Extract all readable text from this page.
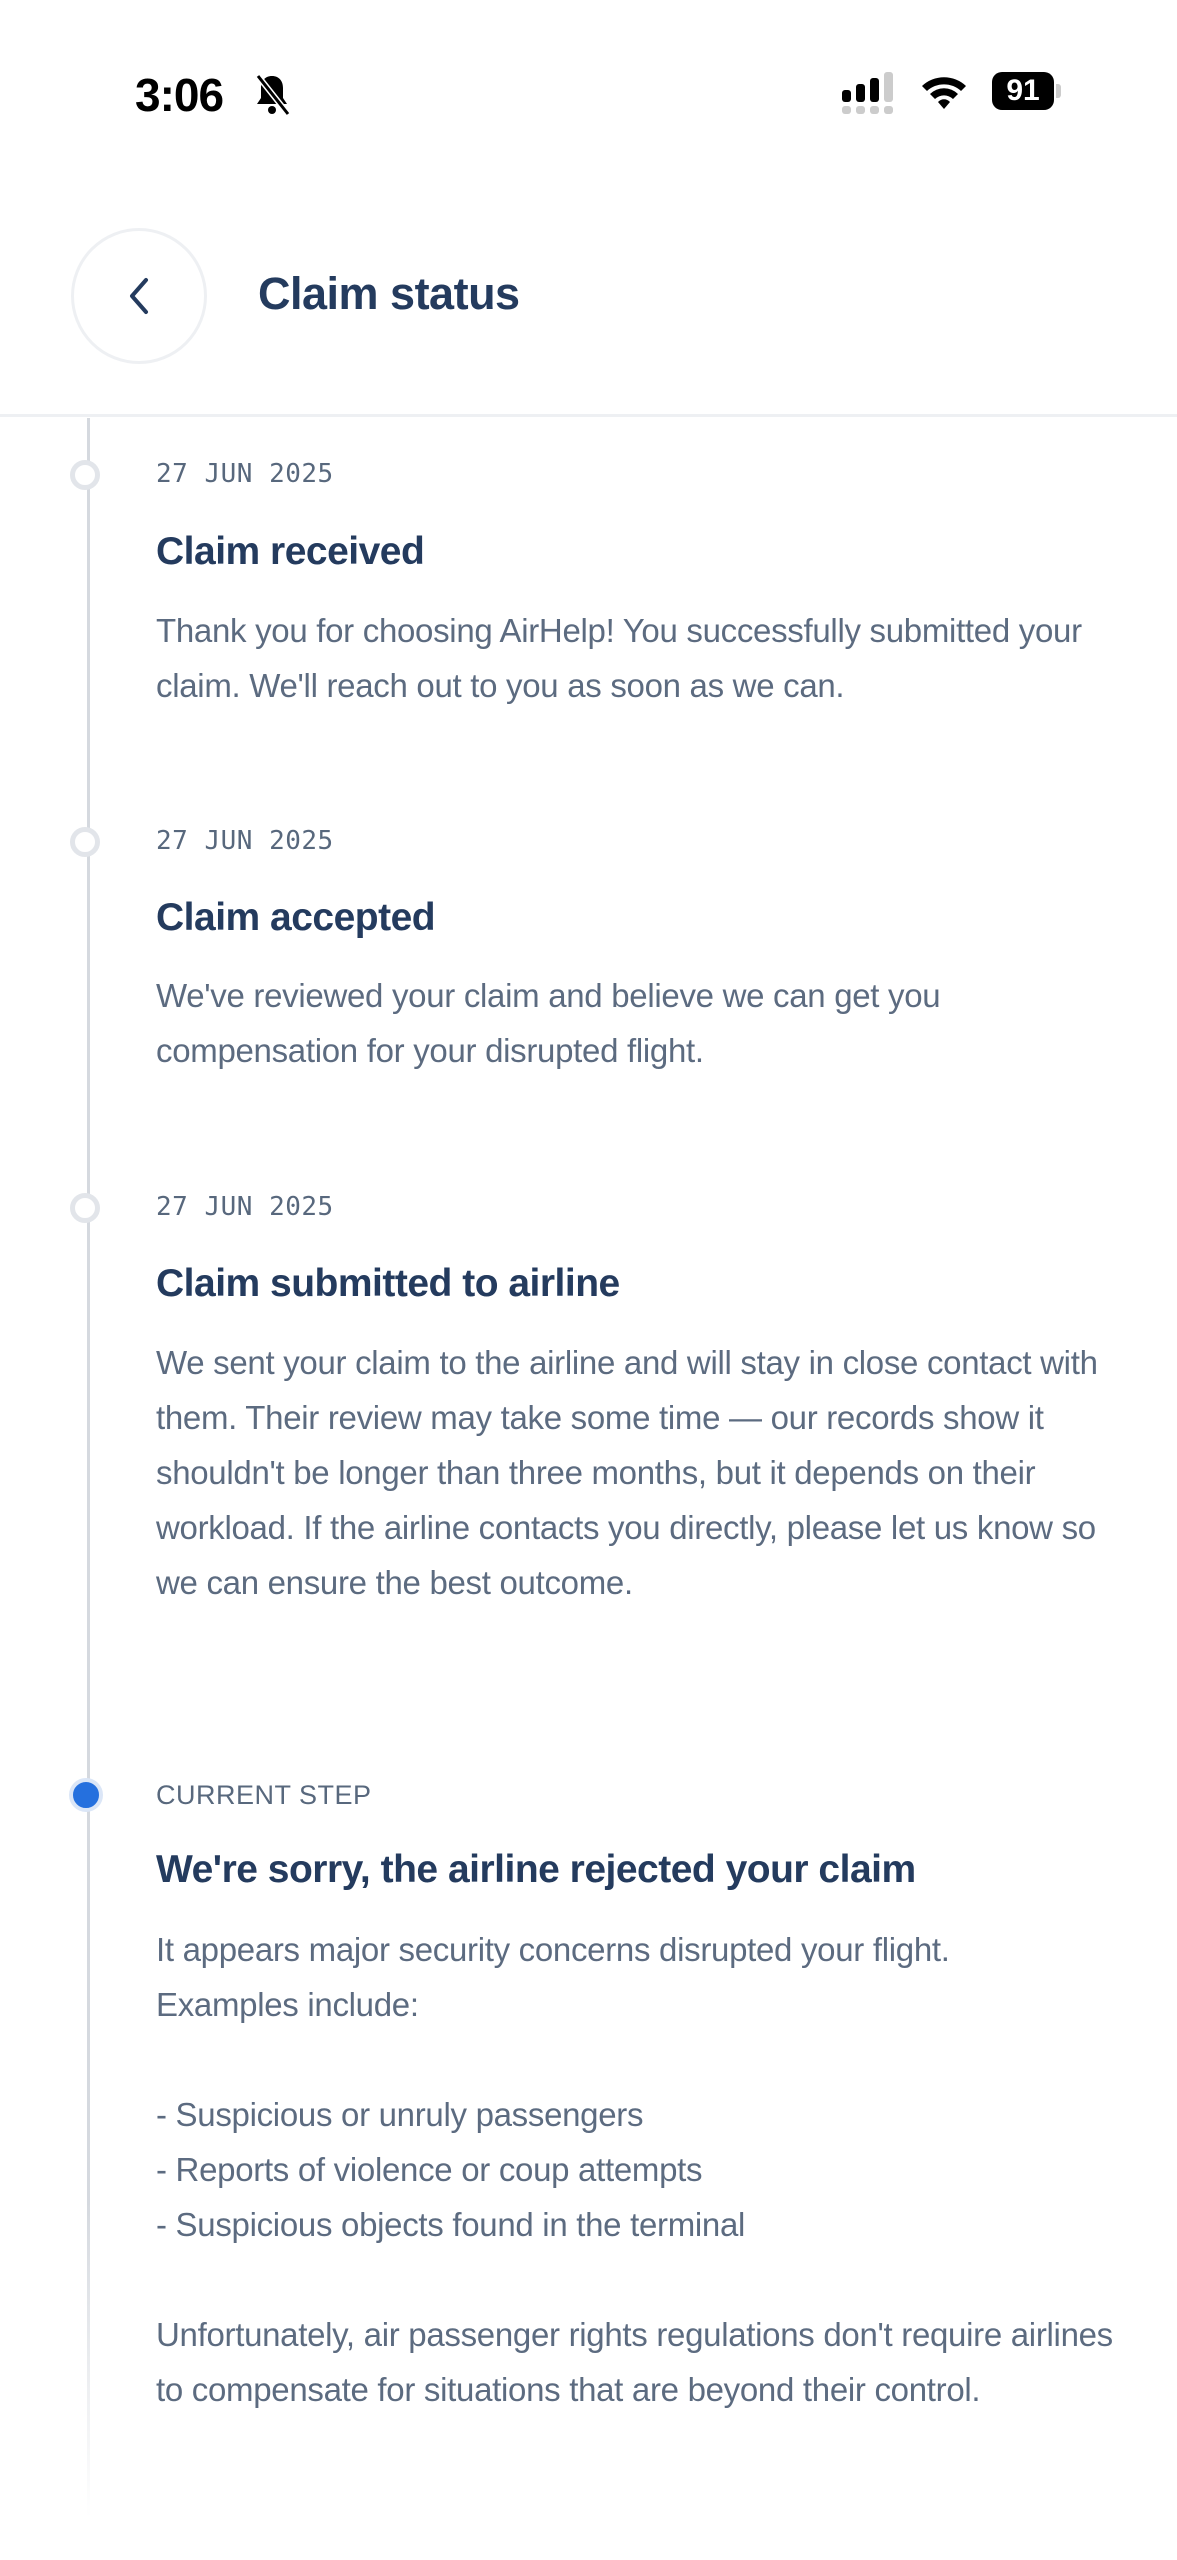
3:06	91
Claim status
27 JUN 2025
Claim received
Thank you for choosing AirHelp! You successfully submitted your claim. We'll reach out to you as soon as we can.
27 JUN 2025
Claim accepted
We've reviewed your claim and believe we can get you compensation for your disrupted flight.
27 JUN 2025
Claim submitted to airline
We sent your claim to the airline and will stay in close contact with them. Their review may take some time — our records show it shouldn't be longer than three months, but it depends on their workload. If the airline contacts you directly, please let us know so we can ensure the best outcome.
CURRENT STEP
We're sorry, the airline rejected your claim
It appears major security concerns disrupted your flight.
Examples include:

- Suspicious or unruly passengers
- Reports of violence or coup attempts
- Suspicious objects found in the terminal

Unfortunately, air passenger rights regulations don't require airlines to compensate for situations that are beyond their control.
